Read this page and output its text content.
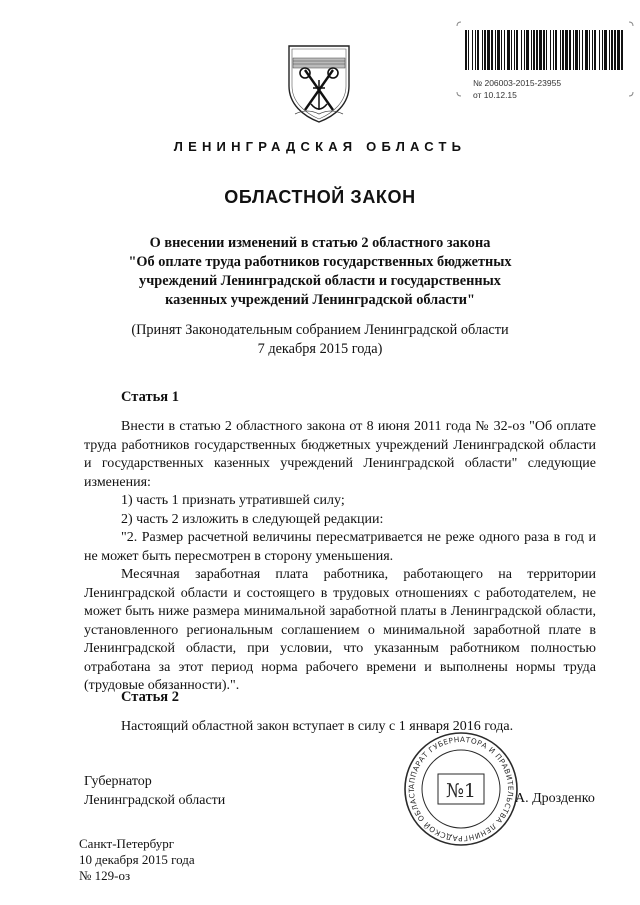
№ 206003-2015-23955
от 10.12.15
ЛЕНИНГРАДСКАЯ ОБЛАСТЬ
ОБЛАСТНОЙ ЗАКОН
О внесении изменений в статью 2 областного закона
"Об оплате труда работников государственных бюджетных
учреждений Ленинградской области и государственных
казенных учреждений Ленинградской области"
(Принят Законодательным собранием Ленинградской области
7 декабря 2015 года)
Статья 1

Внести в статью 2 областного закона от 8 июня 2011 года № 32-оз "Об оплате труда работников государственных бюджетных учреждений Ленинградской области и государственных казенных учреждений Ленинградской области" следующие изменения:

1) часть 1 признать утратившей силу;

2) часть 2 изложить в следующей редакции:

"2. Размер расчетной величины пересматривается не реже одного раза в год и не может быть пересмотрен в сторону уменьшения.

Месячная заработная плата работника, работающего на территории Ленинградской области и состоящего в трудовых отношениях с работодателем, не может быть ниже размера минимальной заработной платы в Ленинградской области, установленного региональным соглашением о минимальной заработной плате в Ленинградской области, при условии, что указанным работником полностью отработана за этот период норма рабочего времени и выполнены нормы труда (трудовые обязанности).".

Статья 2

Настоящий областной закон вступает в силу с 1 января 2016 года.

АППАРАТ ГУБЕРНАТОРА И ПРАВИТЕЛЬСТВА ЛЕНИНГРАДСКОЙ ОБЛАСТ	№1
Губернатор
Ленинградской области	А. Дрозденко
Санкт-Петербург
10 декабря 2015 года
№ 129-оз
